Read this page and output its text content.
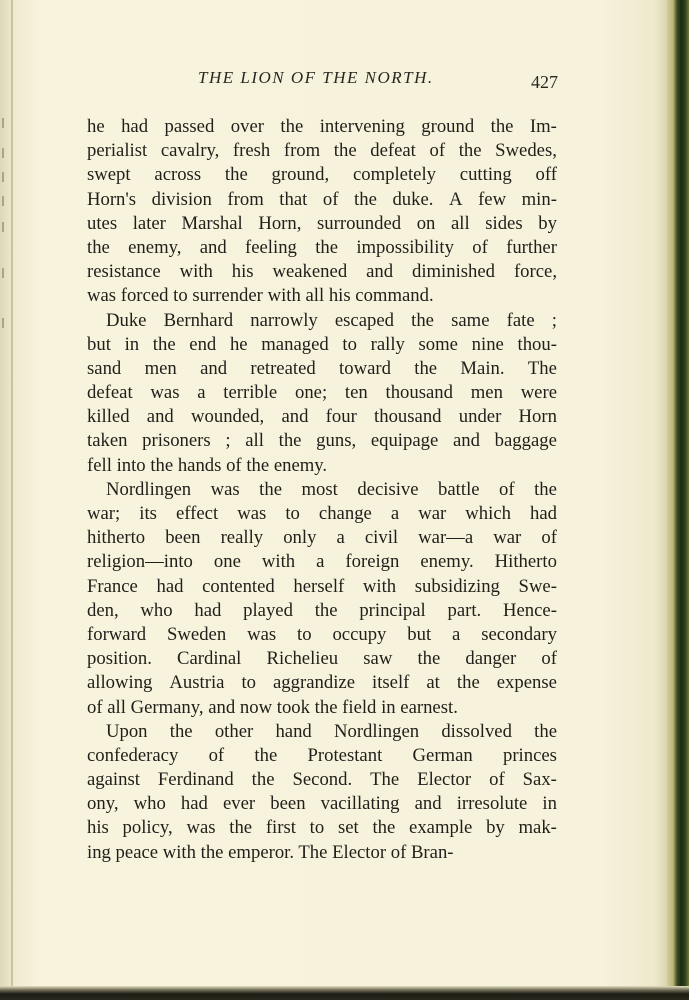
THE LION OF THE NORTH.	427
he had passed over the intervening ground the Im-
perialist cavalry, fresh from the defeat of the Swedes,
swept across the ground, completely cutting off
Horn's division from that of the duke. A few min-
utes later Marshal Horn, surrounded on all sides by
the enemy, and feeling the impossibility of further
resistance with his weakened and diminished force,
was forced to surrender with all his command.
Duke Bernhard narrowly escaped the same fate ;
but in the end he managed to rally some nine thou-
sand men and retreated toward the Main. The
defeat was a terrible one; ten thousand men were
killed and wounded, and four thousand under Horn
taken prisoners ; all the guns, equipage and baggage
fell into the hands of the enemy.
Nordlingen was the most decisive battle of the
war; its effect was to change a war which had
hitherto been really only a civil war—a war of
religion—into one with a foreign enemy. Hitherto
France had contented herself with subsidizing Swe-
den, who had played the principal part. Hence-
forward Sweden was to occupy but a secondary
position. Cardinal Richelieu saw the danger of
allowing Austria to aggrandize itself at the expense
of all Germany, and now took the field in earnest.
Upon the other hand Nordlingen dissolved the
confederacy of the Protestant German princes
against Ferdinand the Second. The Elector of Sax-
ony, who had ever been vacillating and irresolute in
his policy, was the first to set the example by mak-
ing peace with the emperor. The Elector of Bran-
